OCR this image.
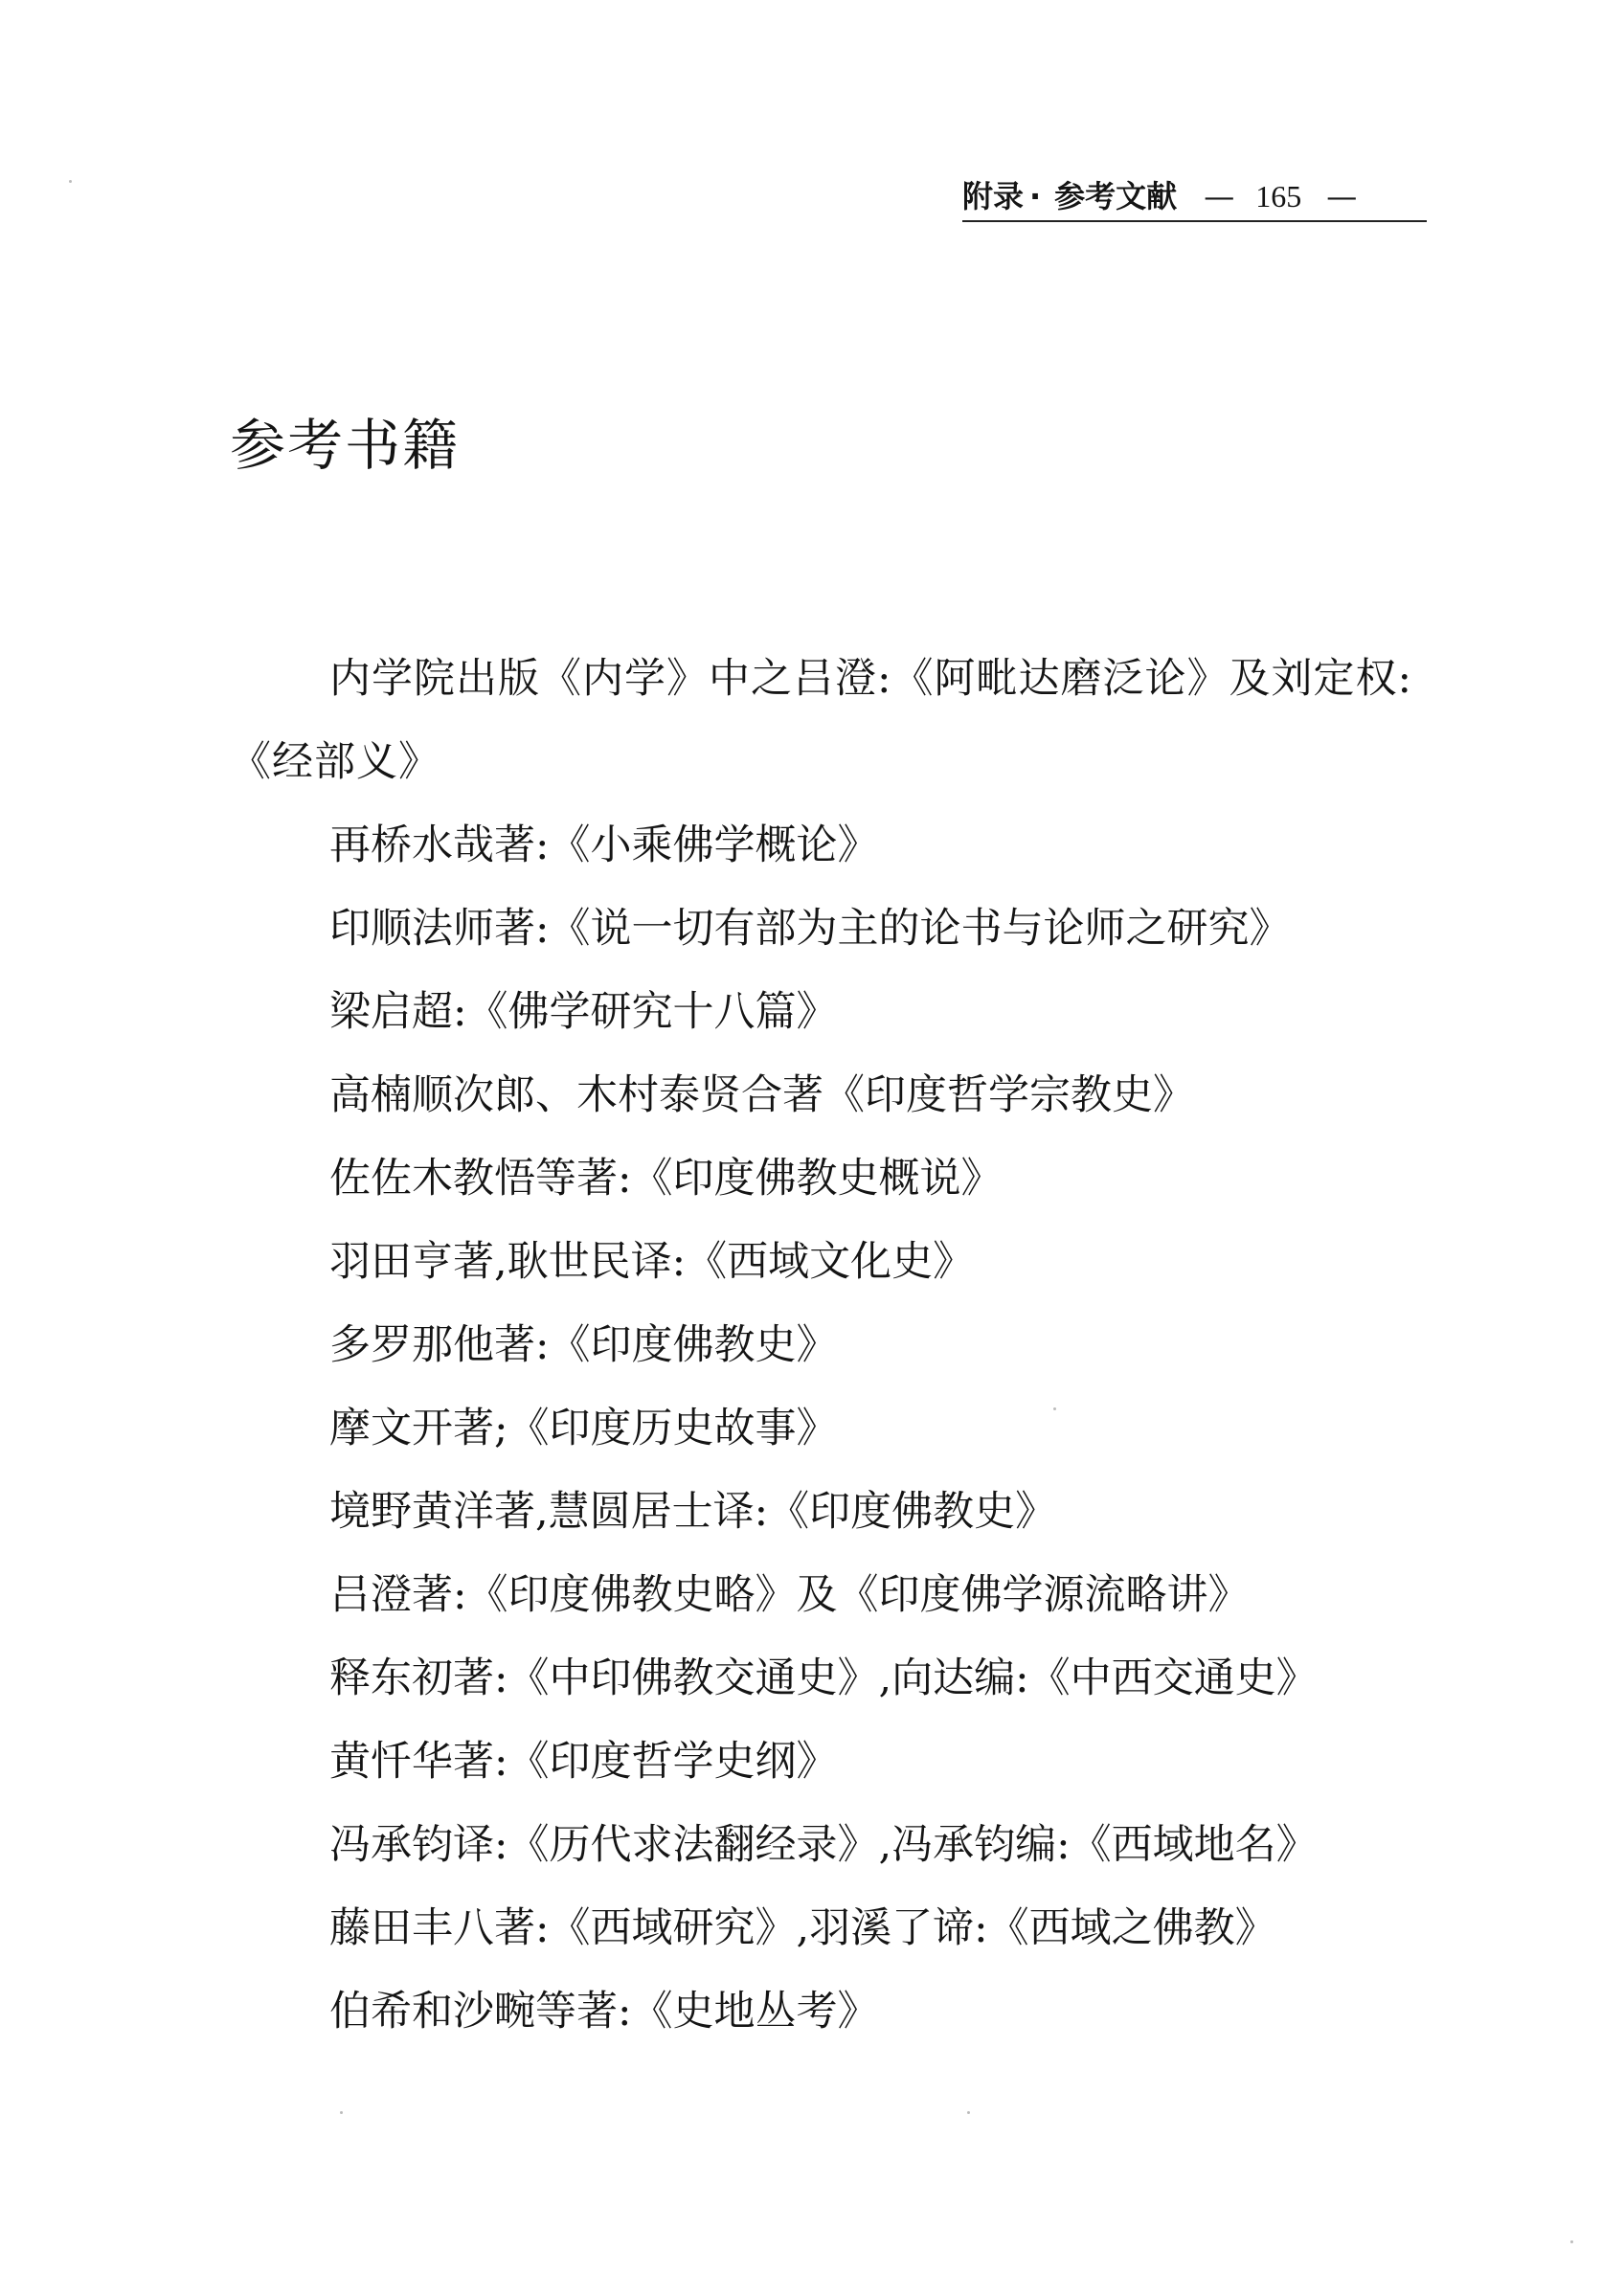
附录 · 参考文献 — 165 —
参考书籍
内学院出版《内学》中之吕澄:《阿毗达磨泛论》及刘定权:《经部义》
再桥水哉著:《小乘佛学概论》
印顺法师著:《说一切有部为主的论书与论师之研究》
梁启超:《佛学研究十八篇》
高楠顺次郎、木村泰贤合著《印度哲学宗教史》
佐佐木教悟等著:《印度佛教史概说》
羽田亨著,耿世民译:《西域文化史》
多罗那他著:《印度佛教史》
摩文开著;《印度历史故事》
境野黄洋著,慧圆居士译:《印度佛教史》
吕澄著:《印度佛教史略》及《印度佛学源流略讲》
释东初著:《中印佛教交通史》,向达编:《中西交通史》
黄忏华著:《印度哲学史纲》
冯承钧译:《历代求法翻经录》,冯承钧编:《西域地名》
藤田丰八著:《西域研究》,羽溪了谛:《西域之佛教》
伯希和沙畹等著:《史地丛考》
